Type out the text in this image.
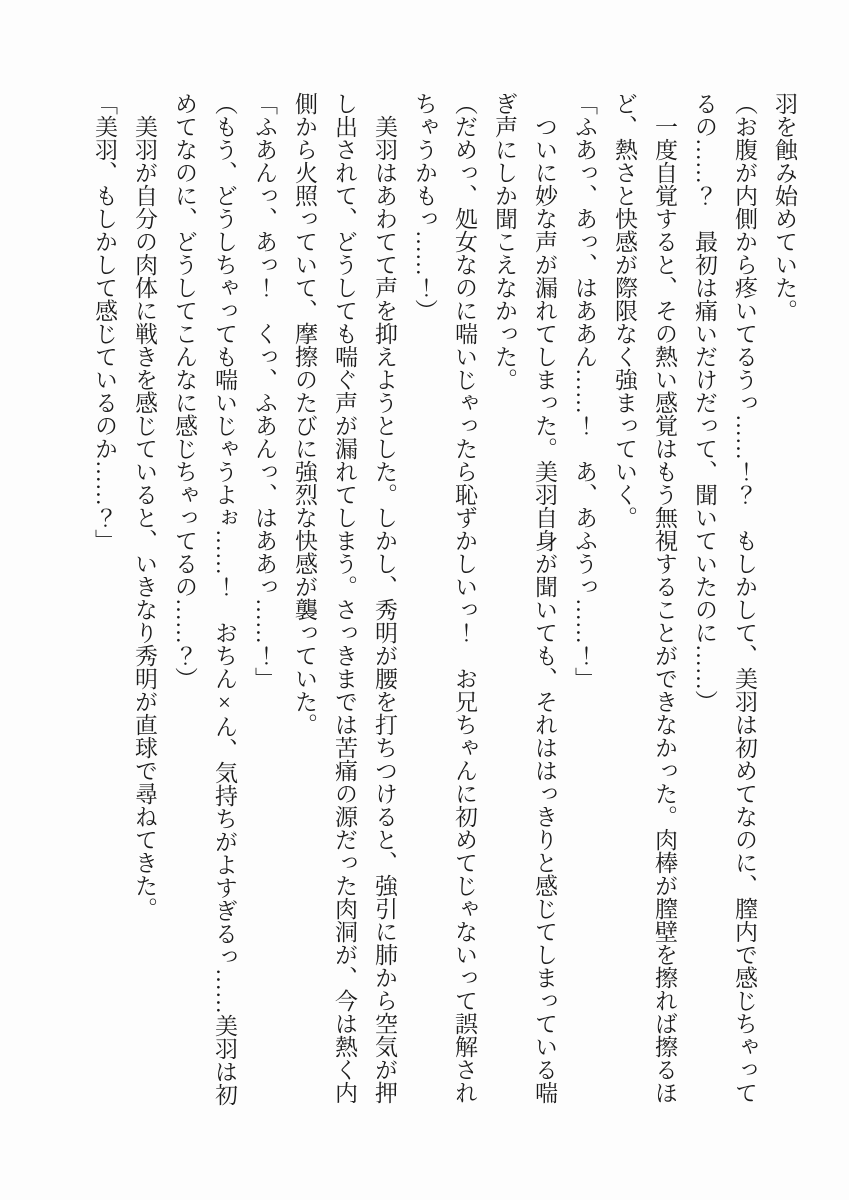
羽を蝕み始めていた。

（お腹が内側から疼いてるうっ……！？　もしかして、美羽は初めてなのに、膣内で感じちゃってるの……？　最初は痛いだけだって、聞いていたのに……）

　一度自覚すると、その熱い感覚はもう無視することができなかった。肉棒が膣壁を擦れば擦るほど、熱さと快感が際限なく強まっていく。

「ふあっ、あっ、はああん……！　あ、あふうっ……！」

　ついに妙な声が漏れてしまった。美羽自身が聞いても、それははっきりと感じてしまっている喘ぎ声にしか聞こえなかった。

（だめっ、処女なのに喘いじゃったら恥ずかしいっ！　お兄ちゃんに初めてじゃないって誤解されちゃうかもっ……！）

　美羽はあわてて声を抑えようとした。しかし、秀明が腰を打ちつけると、強引に肺から空気が押し出されて、どうしても喘ぐ声が漏れてしまう。さっきまでは苦痛の源だった肉洞が、今は熱く内側から火照っていて、摩擦のたびに強烈な快感が襲っていた。

「ふあんっ、あっ！　くっ、ふあんっ、はああっ……！」

（もう、どうしちゃっても喘いじゃうよぉ……！　おちん×ん、気持ちがよすぎるっ……美羽は初めてなのに、どうしてこんなに感じちゃってるの……？）

　美羽が自分の肉体に戦きを感じていると、いきなり秀明が直球で尋ねてきた。

「美羽、もしかして感じているのか……？」
